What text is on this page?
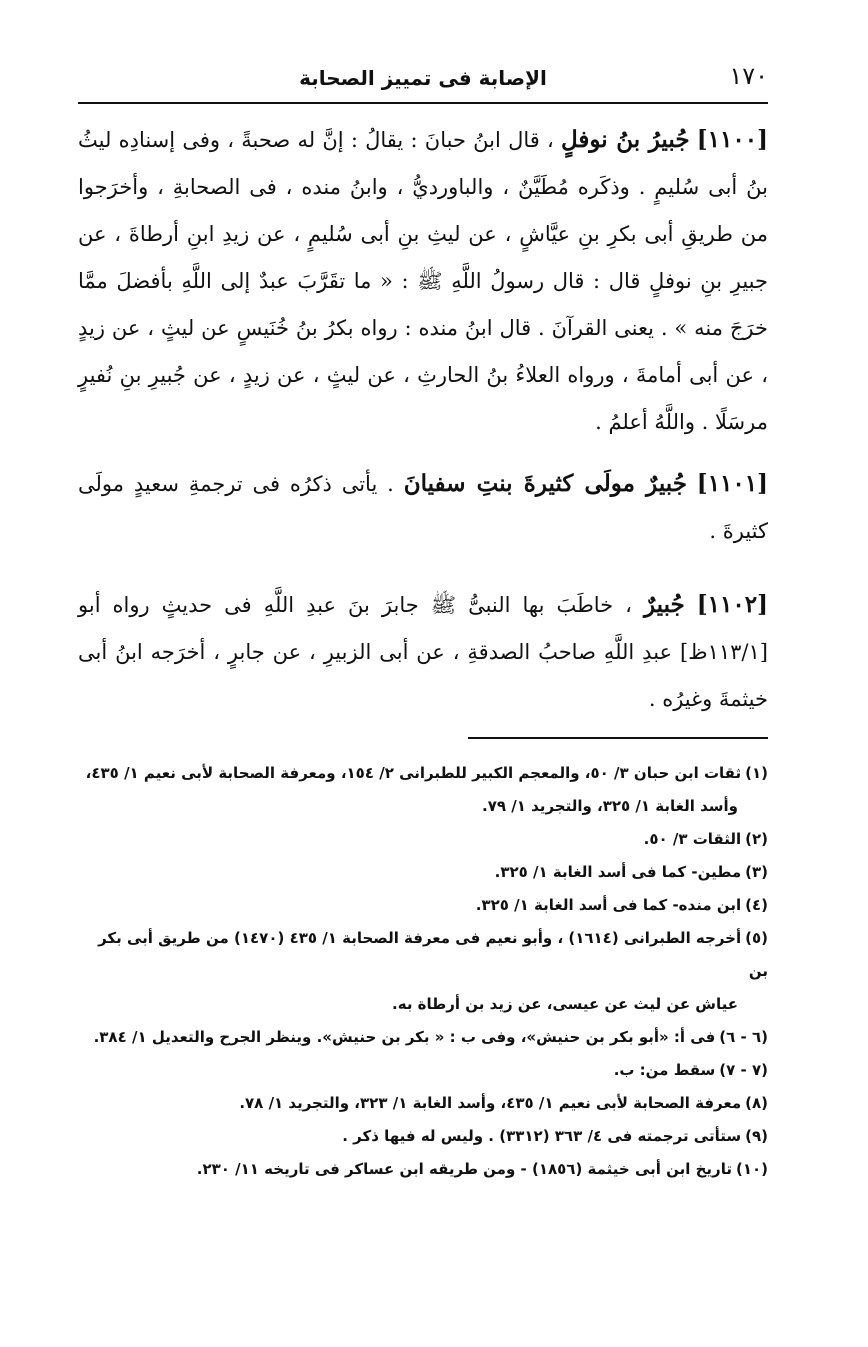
١٧٠
الإصابة فى تمييز الصحابة

[١١٠٠] جُبيرُ بنُ نوفلٍ ، قال ابنُ حبانَ : يقالُ : إنَّ له صحبةً ، وفى إسنادِه ليثُ بنُ أبى سُليمٍ . وذكَره مُطَيَّنٌ ، والباورديُّ ، وابنُ منده ، فى الصحابةِ ، وأخرَجوا من طريقِ أبى بكرِ بنِ عيَّاشٍ ، عن ليثِ بنِ أبى سُليمٍ ، عن زيدِ ابنِ أرطاةَ ، عن جبيرِ بنِ نوفلٍ قال : قال رسولُ اللَّهِ ﷺ : « ما تقَرَّبَ عبدٌ إلى اللَّهِ بأفضلَ ممَّا خرَجَ منه » . يعنى القرآنَ . قال ابنُ منده : رواه بكرُ بنُ خُنَيسٍ عن ليثٍ ، عن زيدٍ ، عن أبى أمامةَ ، ورواه العلاءُ بنُ الحارثِ ، عن ليثٍ ، عن زيدٍ ، عن جُبيرِ بنِ نُفيرٍ مرسَلًا . واللَّهُ أعلمُ .

[١١٠١] جُبيرٌ مولَى كثيرةَ بنتِ سفيانَ . يأتى ذكرُه فى ترجمةِ سعيدٍ مولَى كثيرةَ .

[١١٠٢] جُبيرٌ ، خاطَبَ بها النبىُّ ﷺ جابرَ بنَ عبدِ اللَّهِ فى حديثٍ رواه أبو [١١٣/١ظ] عبدِ اللَّهِ صاحبُ الصدقةِ ، عن أبى الزبيرِ ، عن جابرٍ ، أخرَجه ابنُ أبى خيثمةَ وغيرُه .

(١)ثقات ابن حبان ٣/ ٥٠، والمعجم الكبير للطبرانى ٢/ ١٥٤، ومعرفة الصحابة لأبى نعيم ١/ ٤٣٥،
وأسد الغابة ١/ ٣٢٥، والتجريد ١/ ٧٩.

(٢)الثقات ٣/ ٥٠.

(٣)مطين- كما فى أسد الغابة ١/ ٣٢٥.

(٤)ابن منده- كما فى أسد الغابة ١/ ٣٢٥.

(٥)أخرجه الطبرانى (١٦١٤) ، وأبو نعيم فى معرفة الصحابة ١/ ٤٣٥ (١٤٧٠) من طريق أبى بكر بن
عياش عن ليث عن عيسى، عن زيد بن أرطاة به.

(٦ - ٦)فى أ: «أبو بكر بن حنيش»، وفى ب : « بكر بن حنيش». وينظر الجرح والتعديل ١/ ٣٨٤.

(٧ - ٧)سقط من: ب.

(٨)معرفة الصحابة لأبى نعيم ١/ ٤٣٥، وأسد الغابة ١/ ٣٢٣، والتجريد ١/ ٧٨.

(٩)ستأتى ترجمته فى ٤/ ٣٦٣ (٣٣١٢) . وليس له فيها ذكر .

(١٠)تاريخ ابن أبى خيثمة (١٨٥٦) - ومن طريقه ابن عساكر فى تاريخه ١١/ ٢٣٠.
